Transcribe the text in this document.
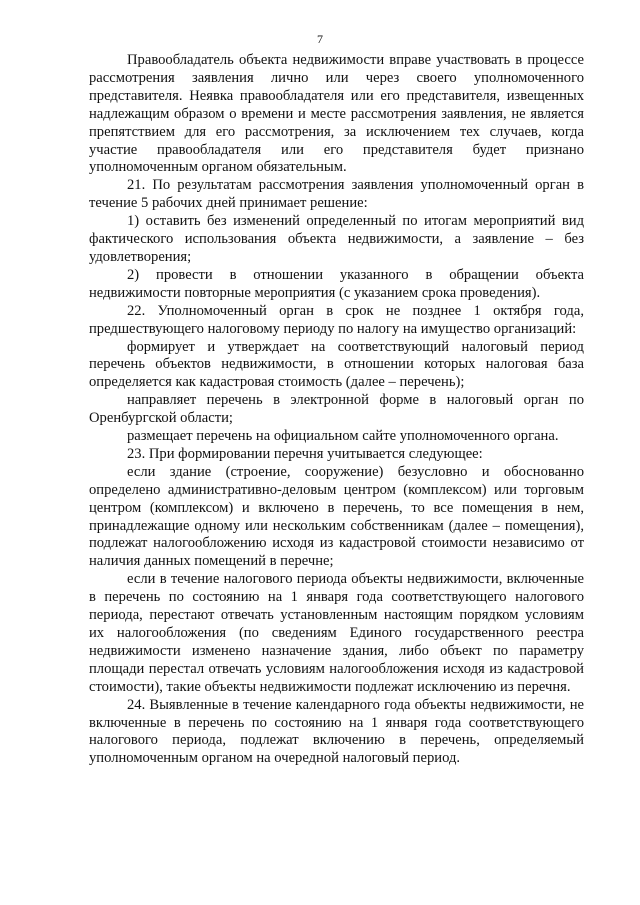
7

Правообладатель объекта недвижимости вправе участвовать в процессе рассмотрения заявления лично или через своего уполномоченного представителя. Неявка правообладателя или его представителя, извещенных надлежащим образом о времени и месте рассмотрения заявления, не является препятствием для его рассмотрения, за исключением тех случаев, когда участие правообладателя или его представителя будет признано уполномоченным органом обязательным.

21. По результатам рассмотрения заявления уполномоченный орган в течение 5 рабочих дней принимает решение:

1) оставить без изменений определенный по итогам мероприятий вид фактического использования объекта недвижимости, а заявление – без удовлетворения;

2) провести в отношении указанного в обращении объекта недвижимости повторные мероприятия (с указанием срока проведения).

22. Уполномоченный орган в срок не позднее 1 октября года, предшествующего налоговому периоду по налогу на имущество организаций:

формирует и утверждает на соответствующий налоговый период перечень объектов недвижимости, в отношении которых налоговая база определяется как кадастровая стоимость (далее – перечень);

направляет перечень в электронной форме в налоговый орган по Оренбургской области;

размещает перечень на официальном сайте уполномоченного органа.

23. При формировании перечня учитывается следующее:

если здание (строение, сооружение) безусловно и обоснованно определено административно-деловым центром (комплексом) или торговым центром (комплексом) и включено в перечень, то все помещения в нем, принадлежащие одному или нескольким собственникам (далее – помещения), подлежат налогообложению исходя из кадастровой стоимости независимо от наличия данных помещений в перечне;

если в течение налогового периода объекты недвижимости, включенные в перечень по состоянию на 1 января года соответствующего налогового периода, перестают отвечать установленным настоящим порядком условиям их налогообложения (по сведениям Единого государственного реестра недвижимости изменено назначение здания, либо объект по параметру площади перестал отвечать условиям налогообложения исходя из кадастровой стоимости), такие объекты недвижимости подлежат исключению из перечня.

24. Выявленные в течение календарного года объекты недвижимости, не включенные в перечень по состоянию на 1 января года соответствующего налогового периода, подлежат включению в перечень, определяемый уполномоченным органом на очередной налоговый период.
